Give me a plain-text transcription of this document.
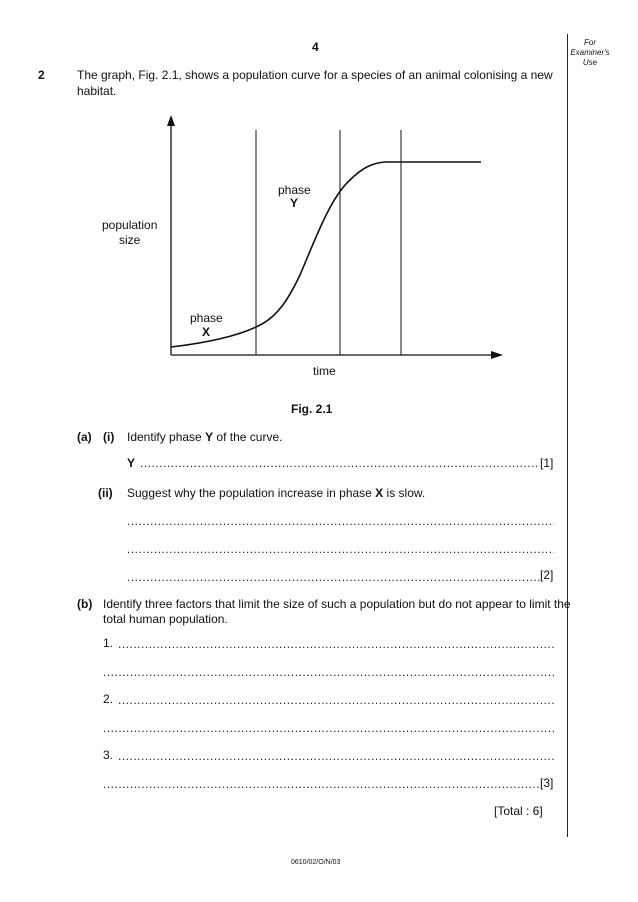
4	For
Examiner's
Use
2	The graph, Fig. 2.1, shows a population curve for a species of an animal colonising a new
habitat.
population
size
phase
Y
phase
X
time
Fig. 2.1
(a) (i) Identify phase Y of the curve.
Y
.....	[1]
(ii) Suggest why the population increase in phase X is slow.
.....
.....
.....
[2]
(b) Identify three factors that limit the size of such a population but do not appear to limit the
total human population.
1.
.....
.....
2.
.....
.....
3.
.....
.....
[3]
[Total : 6]
0610/02/O/N/03
